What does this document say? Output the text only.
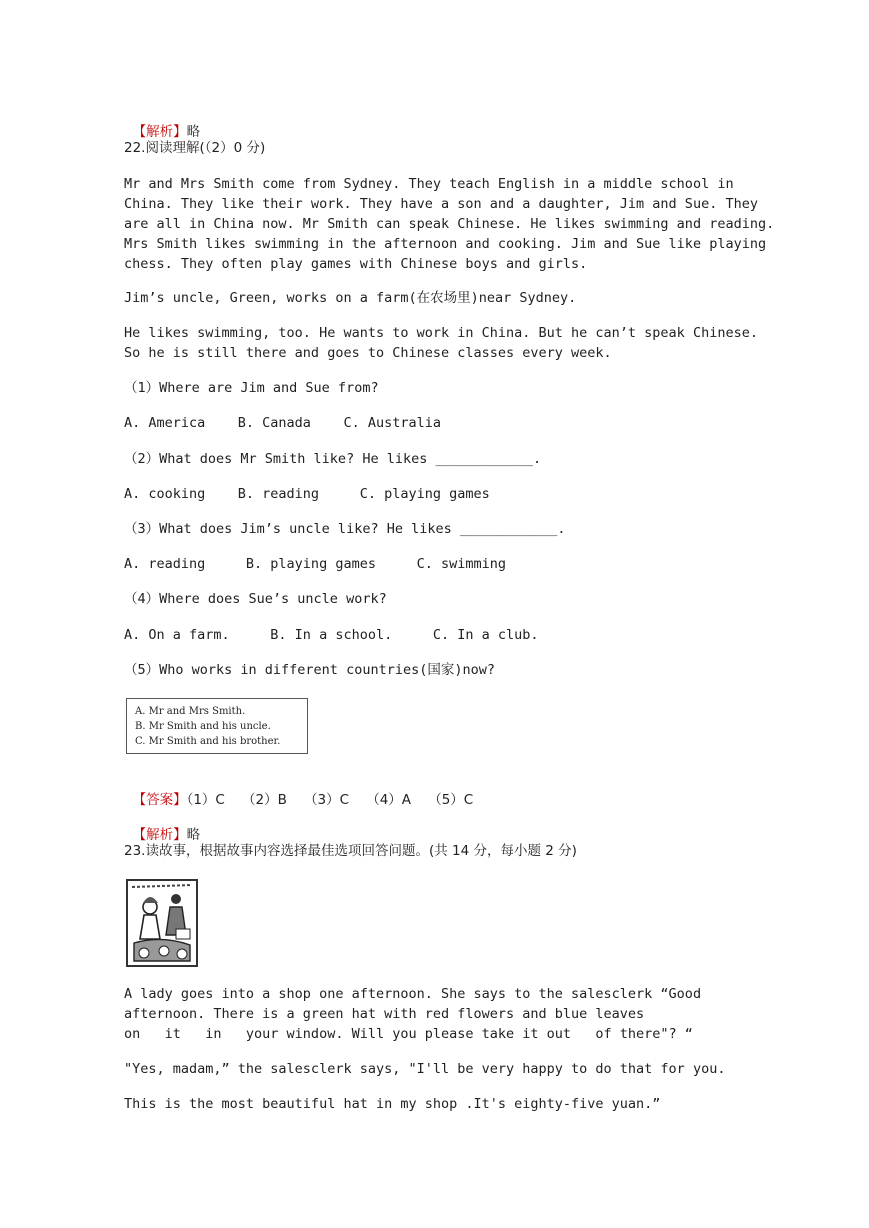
【解析】略

22.阅读理解(（2）0 分)
Mr and Mrs Smith come from Sydney. They teach English in a middle school in
China. They like their work. They have a son and a daughter, Jim and Sue. They
are all in China now. Mr Smith can speak Chinese. He likes swimming and reading.
Mrs Smith likes swimming in the afternoon and cooking. Jim and Sue like playing
chess. They often play games with Chinese boys and girls.
Jim’s uncle, Green, works on a farm(在农场里)near Sydney.
He likes swimming, too. He wants to work in China. But he can’t speak Chinese.
So he is still there and goes to Chinese classes every week.
（1）Where are Jim and Sue from?
A. America    B. Canada    C. Australia
（2）What does Mr Smith like? He likes ____________.
A. cooking    B. reading     C. playing games
（3）What does Jim’s uncle like? He likes ____________.
A. reading     B. playing games     C. swimming
（4）Where does Sue’s uncle work?
A. On a farm.     B. In a school.     C. In a club.
（5）Who works in different countries(国家)now?
A. Mr and Mrs Smith.
B. Mr Smith and his uncle.
C. Mr Smith and his brother.

【答案】（1）C    （2）B    （3）C    （4）A    （5）C

【解析】略

23.读故事，根据故事内容选择最佳选项回答问题。(共 14 分，每小题 2 分)
A lady goes into a shop one afternoon. She says to the salesclerk “Good
afternoon. There is a green hat with red flowers and blue leaves
on   it   in   your window. Will you please take it out   of there"? “
"Yes, madam,” the salesclerk says, "I'll be very happy to do that for you.
This is the most beautiful hat in my shop .It's eighty-five yuan.”
